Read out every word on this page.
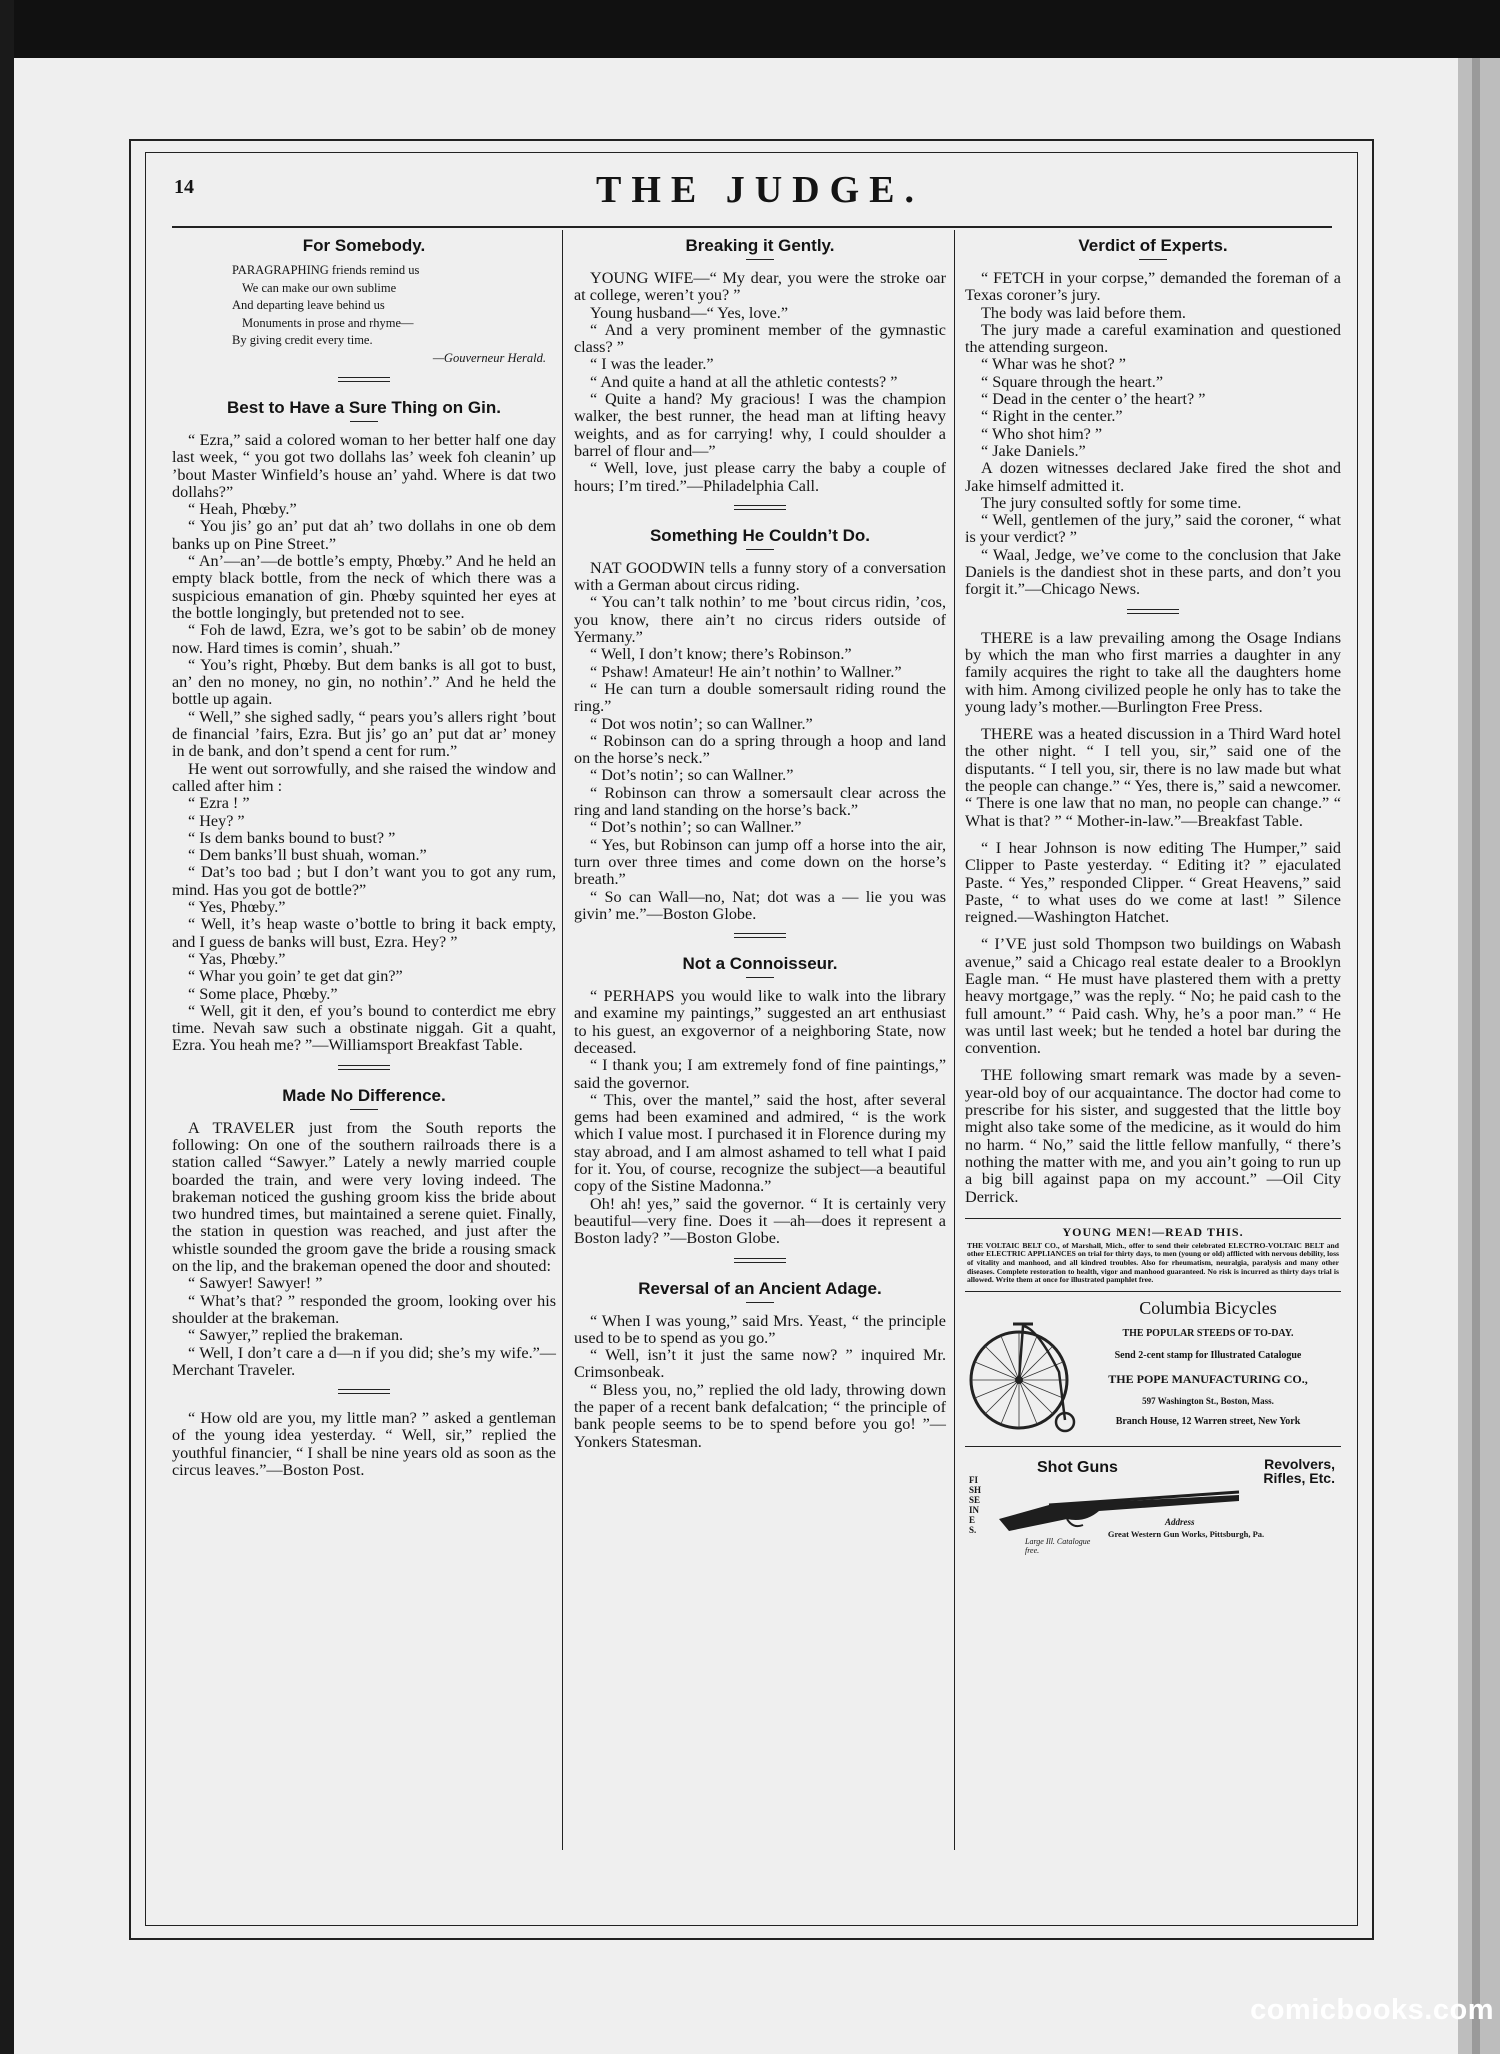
14	THE JUDGE.
For Somebody.
PARAGRAPHING friends remind us
We can make our own sublime
And departing leave behind us
Monuments in prose and rhyme—
By giving credit every time.
—Gouverneur Herald.
Best to Have a Sure Thing on Gin.

“ Ezra,” said a colored woman to her better half one day last week, “ you got two dollahs las’ week foh cleanin’ up ’bout Master Winfield’s house an’ yahd. Where is dat two dollahs?”

“ Heah, Phœby.”

“ You jis’ go an’ put dat ah’ two dollahs in one ob dem banks up on Pine Street.”

“ An’—an’—de bottle’s empty, Phœby.” And he held an empty black bottle, from the neck of which there was a suspicious emanation of gin. Phœby squinted her eyes at the bottle longingly, but pretended not to see.

“ Foh de lawd, Ezra, we’s got to be sabin’ ob de money now. Hard times is comin’, shuah.”

“ You’s right, Phœby. But dem banks is all got to bust, an’ den no money, no gin, no nothin’.” And he held the bottle up again.

“ Well,” she sighed sadly, “ pears you’s allers right ’bout de financial ’fairs, Ezra. But jis’ go an’ put dat ar’ money in de bank, and don’t spend a cent for rum.”

He went out sorrowfully, and she raised the window and called after him :

“ Ezra ! ”

“ Hey? ”

“ Is dem banks bound to bust? ”

“ Dem banks’ll bust shuah, woman.”

“ Dat’s too bad ; but I don’t want you to got any rum, mind. Has you got de bottle?”

“ Yes, Phœby.”

“ Well, it’s heap waste o’bottle to bring it back empty, and I guess de banks will bust, Ezra. Hey? ”

“ Yas, Phœby.”

“ Whar you goin’ te get dat gin?”

“ Some place, Phœby.”

“ Well, git it den, ef you’s bound to conterdict me ebry time. Nevah saw such a obstinate niggah. Git a quaht, Ezra. You heah me? ”—Williamsport Breakfast Table.

Made No Difference.

A TRAVELER just from the South reports the following: On one of the southern railroads there is a station called “Sawyer.” Lately a newly married couple boarded the train, and were very loving indeed. The brakeman noticed the gushing groom kiss the bride about two hundred times, but maintained a serene quiet. Finally, the station in question was reached, and just after the whistle sounded the groom gave the bride a rousing smack on the lip, and the brakeman opened the door and shouted:

“ Sawyer! Sawyer! ”

“ What’s that? ” responded the groom, looking over his shoulder at the brakeman.

“ Sawyer,” replied the brakeman.

“ Well, I don’t care a d—n if you did; she’s my wife.”—Merchant Traveler.

“ How old are you, my little man? ” asked a gentleman of the young idea yesterday. “ Well, sir,” replied the youthful financier, “ I shall be nine years old as soon as the circus leaves.”—Boston Post.

Breaking it Gently.

YOUNG WIFE—“ My dear, you were the stroke oar at college, weren’t you? ”

Young husband—“ Yes, love.”

“ And a very prominent member of the gymnastic class? ”

“ I was the leader.”

“ And quite a hand at all the athletic contests? ”

“ Quite a hand? My gracious! I was the champion walker, the best runner, the head man at lifting heavy weights, and as for carrying! why, I could shoulder a barrel of flour and—”

“ Well, love, just please carry the baby a couple of hours; I’m tired.”—Philadelphia Call.

Something He Couldn’t Do.

NAT GOODWIN tells a funny story of a conversation with a German about circus riding.

“ You can’t talk nothin’ to me ’bout circus ridin, ’cos, you know, there ain’t no circus riders outside of Yermany.”

“ Well, I don’t know; there’s Robinson.”

“ Pshaw! Amateur! He ain’t nothin’ to Wallner.”

“ He can turn a double somersault riding round the ring.”

“ Dot wos notin’; so can Wallner.”

“ Robinson can do a spring through a hoop and land on the horse’s neck.”

“ Dot’s notin’; so can Wallner.”

“ Robinson can throw a somersault clear across the ring and land standing on the horse’s back.”

“ Dot’s nothin’; so can Wallner.”

“ Yes, but Robinson can jump off a horse into the air, turn over three times and come down on the horse’s breath.”

“ So can Wall—no, Nat; dot was a — lie you was givin’ me.”—Boston Globe.

Not a Connoisseur.

“ PERHAPS you would like to walk into the library and examine my paintings,” suggested an art enthusiast to his guest, an exgovernor of a neighboring State, now deceased.

“ I thank you; I am extremely fond of fine paintings,” said the governor.

“ This, over the mantel,” said the host, after several gems had been examined and admired, “ is the work which I value most. I purchased it in Florence during my stay abroad, and I am almost ashamed to tell what I paid for it. You, of course, recognize the subject—a beautiful copy of the Sistine Madonna.”

Oh! ah! yes,” said the governor. “ It is certainly very beautiful—very fine. Does it —ah—does it represent a Boston lady? ”—Boston Globe.

Reversal of an Ancient Adage.

“ When I was young,” said Mrs. Yeast, “ the principle used to be to spend as you go.”

“ Well, isn’t it just the same now? ” inquired Mr. Crimsonbeak.

“ Bless you, no,” replied the old lady, throwing down the paper of a recent bank defalcation; “ the principle of bank people seems to be to spend before you go! ”—Yonkers Statesman.

Verdict of Experts.

“ FETCH in your corpse,” demanded the foreman of a Texas coroner’s jury.

The body was laid before them.

The jury made a careful examination and questioned the attending surgeon.

“ Whar was he shot? ”

“ Square through the heart.”

“ Dead in the center o’ the heart? ”

“ Right in the center.”

“ Who shot him? ”

“ Jake Daniels.”

A dozen witnesses declared Jake fired the shot and Jake himself admitted it.

The jury consulted softly for some time.

“ Well, gentlemen of the jury,” said the coroner, “ what is your verdict? ”

“ Waal, Jedge, we’ve come to the conclusion that Jake Daniels is the dandiest shot in these parts, and don’t you forgit it.”—Chicago News.

THERE is a law prevailing among the Osage Indians by which the man who first marries a daughter in any family acquires the right to take all the daughters home with him. Among civilized people he only has to take the young lady’s mother.—Burlington Free Press.

THERE was a heated discussion in a Third Ward hotel the other night. “ I tell you, sir,” said one of the disputants. “ I tell you, sir, there is no law made but what the people can change.” “ Yes, there is,” said a newcomer. “ There is one law that no man, no people can change.” “ What is that? ” “ Mother-in-law.”—Breakfast Table.

“ I hear Johnson is now editing The Humper,” said Clipper to Paste yesterday. “ Editing it? ” ejaculated Paste. “ Yes,” responded Clipper. “ Great Heavens,” said Paste, “ to what uses do we come at last! ” Silence reigned.—Washington Hatchet.

“ I’VE just sold Thompson two buildings on Wabash avenue,” said a Chicago real estate dealer to a Brooklyn Eagle man. “ He must have plastered them with a pretty heavy mortgage,” was the reply. “ No; he paid cash to the full amount.” “ Paid cash. Why, he’s a poor man.” “ He was until last week; but he tended a hotel bar during the convention.

THE following smart remark was made by a seven-year-old boy of our acquaintance. The doctor had come to prescribe for his sister, and suggested that the little boy might also take some of the medicine, as it would do him no harm. “ No,” said the little fellow manfully, “ there’s nothing the matter with me, and you ain’t going to run up a big bill against papa on my account.” —Oil City Derrick.

YOUNG MEN!—READ THIS.
THE VOLTAIC BELT CO., of Marshall, Mich., offer to send their celebrated ELECTRO-VOLTAIC BELT and other ELECTRIC APPLIANCES on trial for thirty days, to men (young or old) afflicted with nervous debility, loss of vitality and manhood, and all kindred troubles. Also for rheumatism, neuralgia, paralysis and many other diseases. Complete restoration to health, vigor and manhood guaranteed. No risk is incurred as thirty days trial is allowed. Write them at once for illustrated pamphlet free.
Columbia Bicycles
THE POPULAR STEEDS OF TO-DAY.
Send 2-cent stamp for Illustrated Catalogue
THE POPE MANUFACTURING CO.,
597 Washington St., Boston, Mass.
Branch House, 12 Warren street, New York
FISH SEINES.
Shot Guns	Revolvers, Rifles, Etc.
Large Ill. Catalogue free.
Address
Great Western Gun Works, Pittsburgh, Pa.
comicbooks.com
